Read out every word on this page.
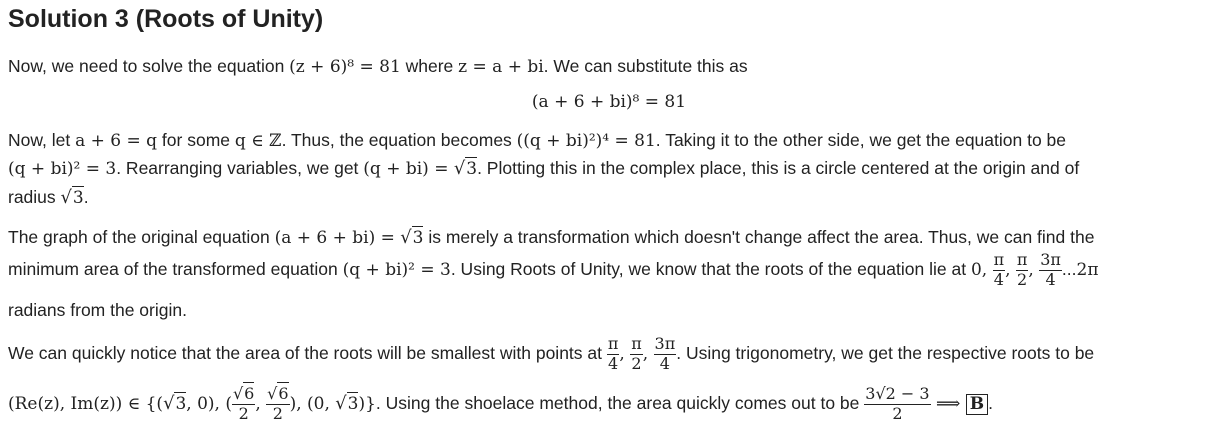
Solution 3 (Roots of Unity)
Now, we need to solve the equation (z + 6)⁸ = 81 where z = a + bi. We can substitute this as
(a + 6 + bi)⁸ = 81
Now, let a + 6 = q for some q ∈ ℤ. Thus, the equation becomes ((q + bi)²)⁴ = 81. Taking it to the other side, we get the equation to be
(q + bi)² = 3. Rearranging variables, we get (q + bi) = √3. Plotting this in the complex place, this is a circle centered at the origin and of
radius √3.
The graph of the original equation (a + 6 + bi) = √3 is merely a transformation which doesn't change affect the area. Thus, we can find the
minimum area of the transformed equation (q + bi)² = 3. Using Roots of Unity, we know that the roots of the equation lie at 0, $\frac{\pi}{4}$ , $\frac{\pi}{2}$ , $\frac{3\pi}{4} ...2\pi$
radians from the origin.
We can quickly notice that the area of the roots will be smallest with points at $\frac{\pi}{4}$ , $\frac{\pi}{2}$ , $\frac{3\pi}{4}$ . Using trigonometry, we get the respective roots to be
(Re(z), Im(z)) ∈ {(√3, 0), ( $\frac{√6}{2}$ , $\frac{√6}{2}$ ), (0, √3)}. Using the shoelace method, the area quickly comes out to be $\frac{3√2 - 3}{2}$ ⟹ B .
